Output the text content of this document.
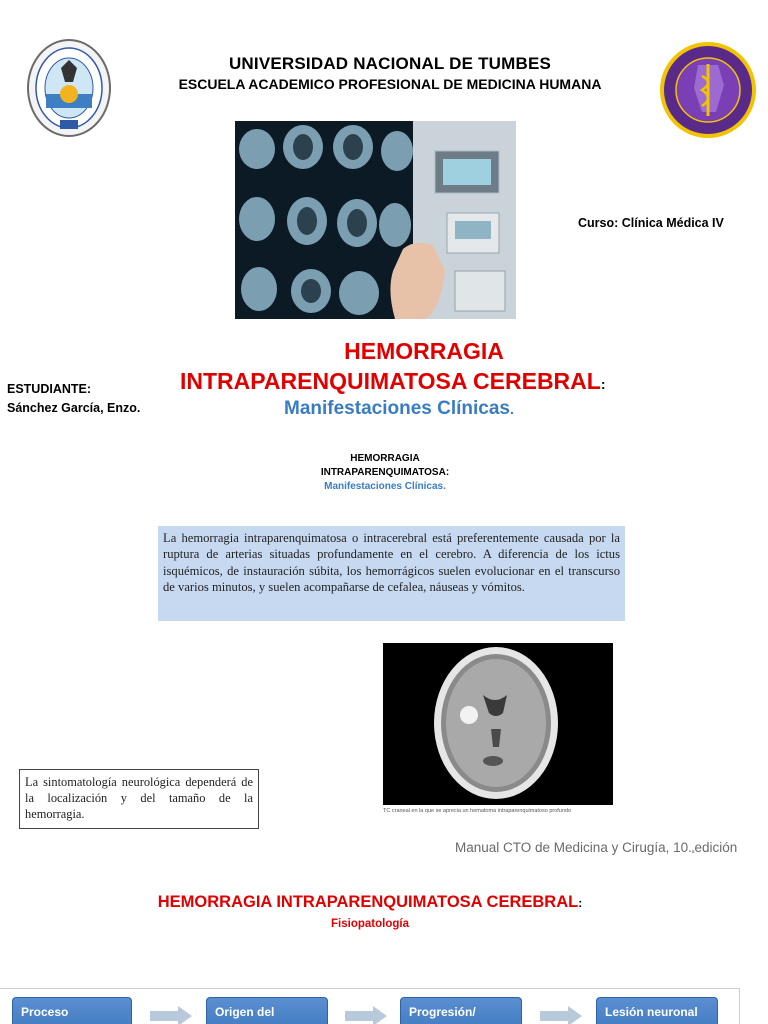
UNIVERSIDAD NACIONAL DE TUMBES
ESCUELA ACADEMICO PROFESIONAL DE MEDICINA HUMANA
Curso: Clínica Médica IV
HEMORRAGIA
INTRAPARENQUIMATOSA CEREBRAL:
Manifestaciones Clínicas.
ESTUDIANTE:
Sánchez García, Enzo.
HEMORRAGIA
INTRAPARENQUIMATOSA:
Manifestaciones Clínicas.
La hemorragia intraparenquimatosa o intracerebral está preferentemente causada por la ruptura de arterias situadas profundamente en el cerebro. A diferencia de los ictus isquémicos, de instauración súbita, los hemorrágicos suelen evolucionar en el transcurso de varios minutos, y suelen acompañarse de cefalea, náuseas y vómitos.
TC craneal en la que se aprecia un hematoma intraparenquimatoso profundo
La sintomatología neurológica dependerá de la localización y del tamaño de la hemorragia.
Manual CTO de Medicina y Cirugía, $10._ªedición$
HEMORRAGIA INTRAPARENQUIMATOSA CEREBRAL:
Fisiopatología
Proceso	Origen del	Progresión/	Lesión neuronal
